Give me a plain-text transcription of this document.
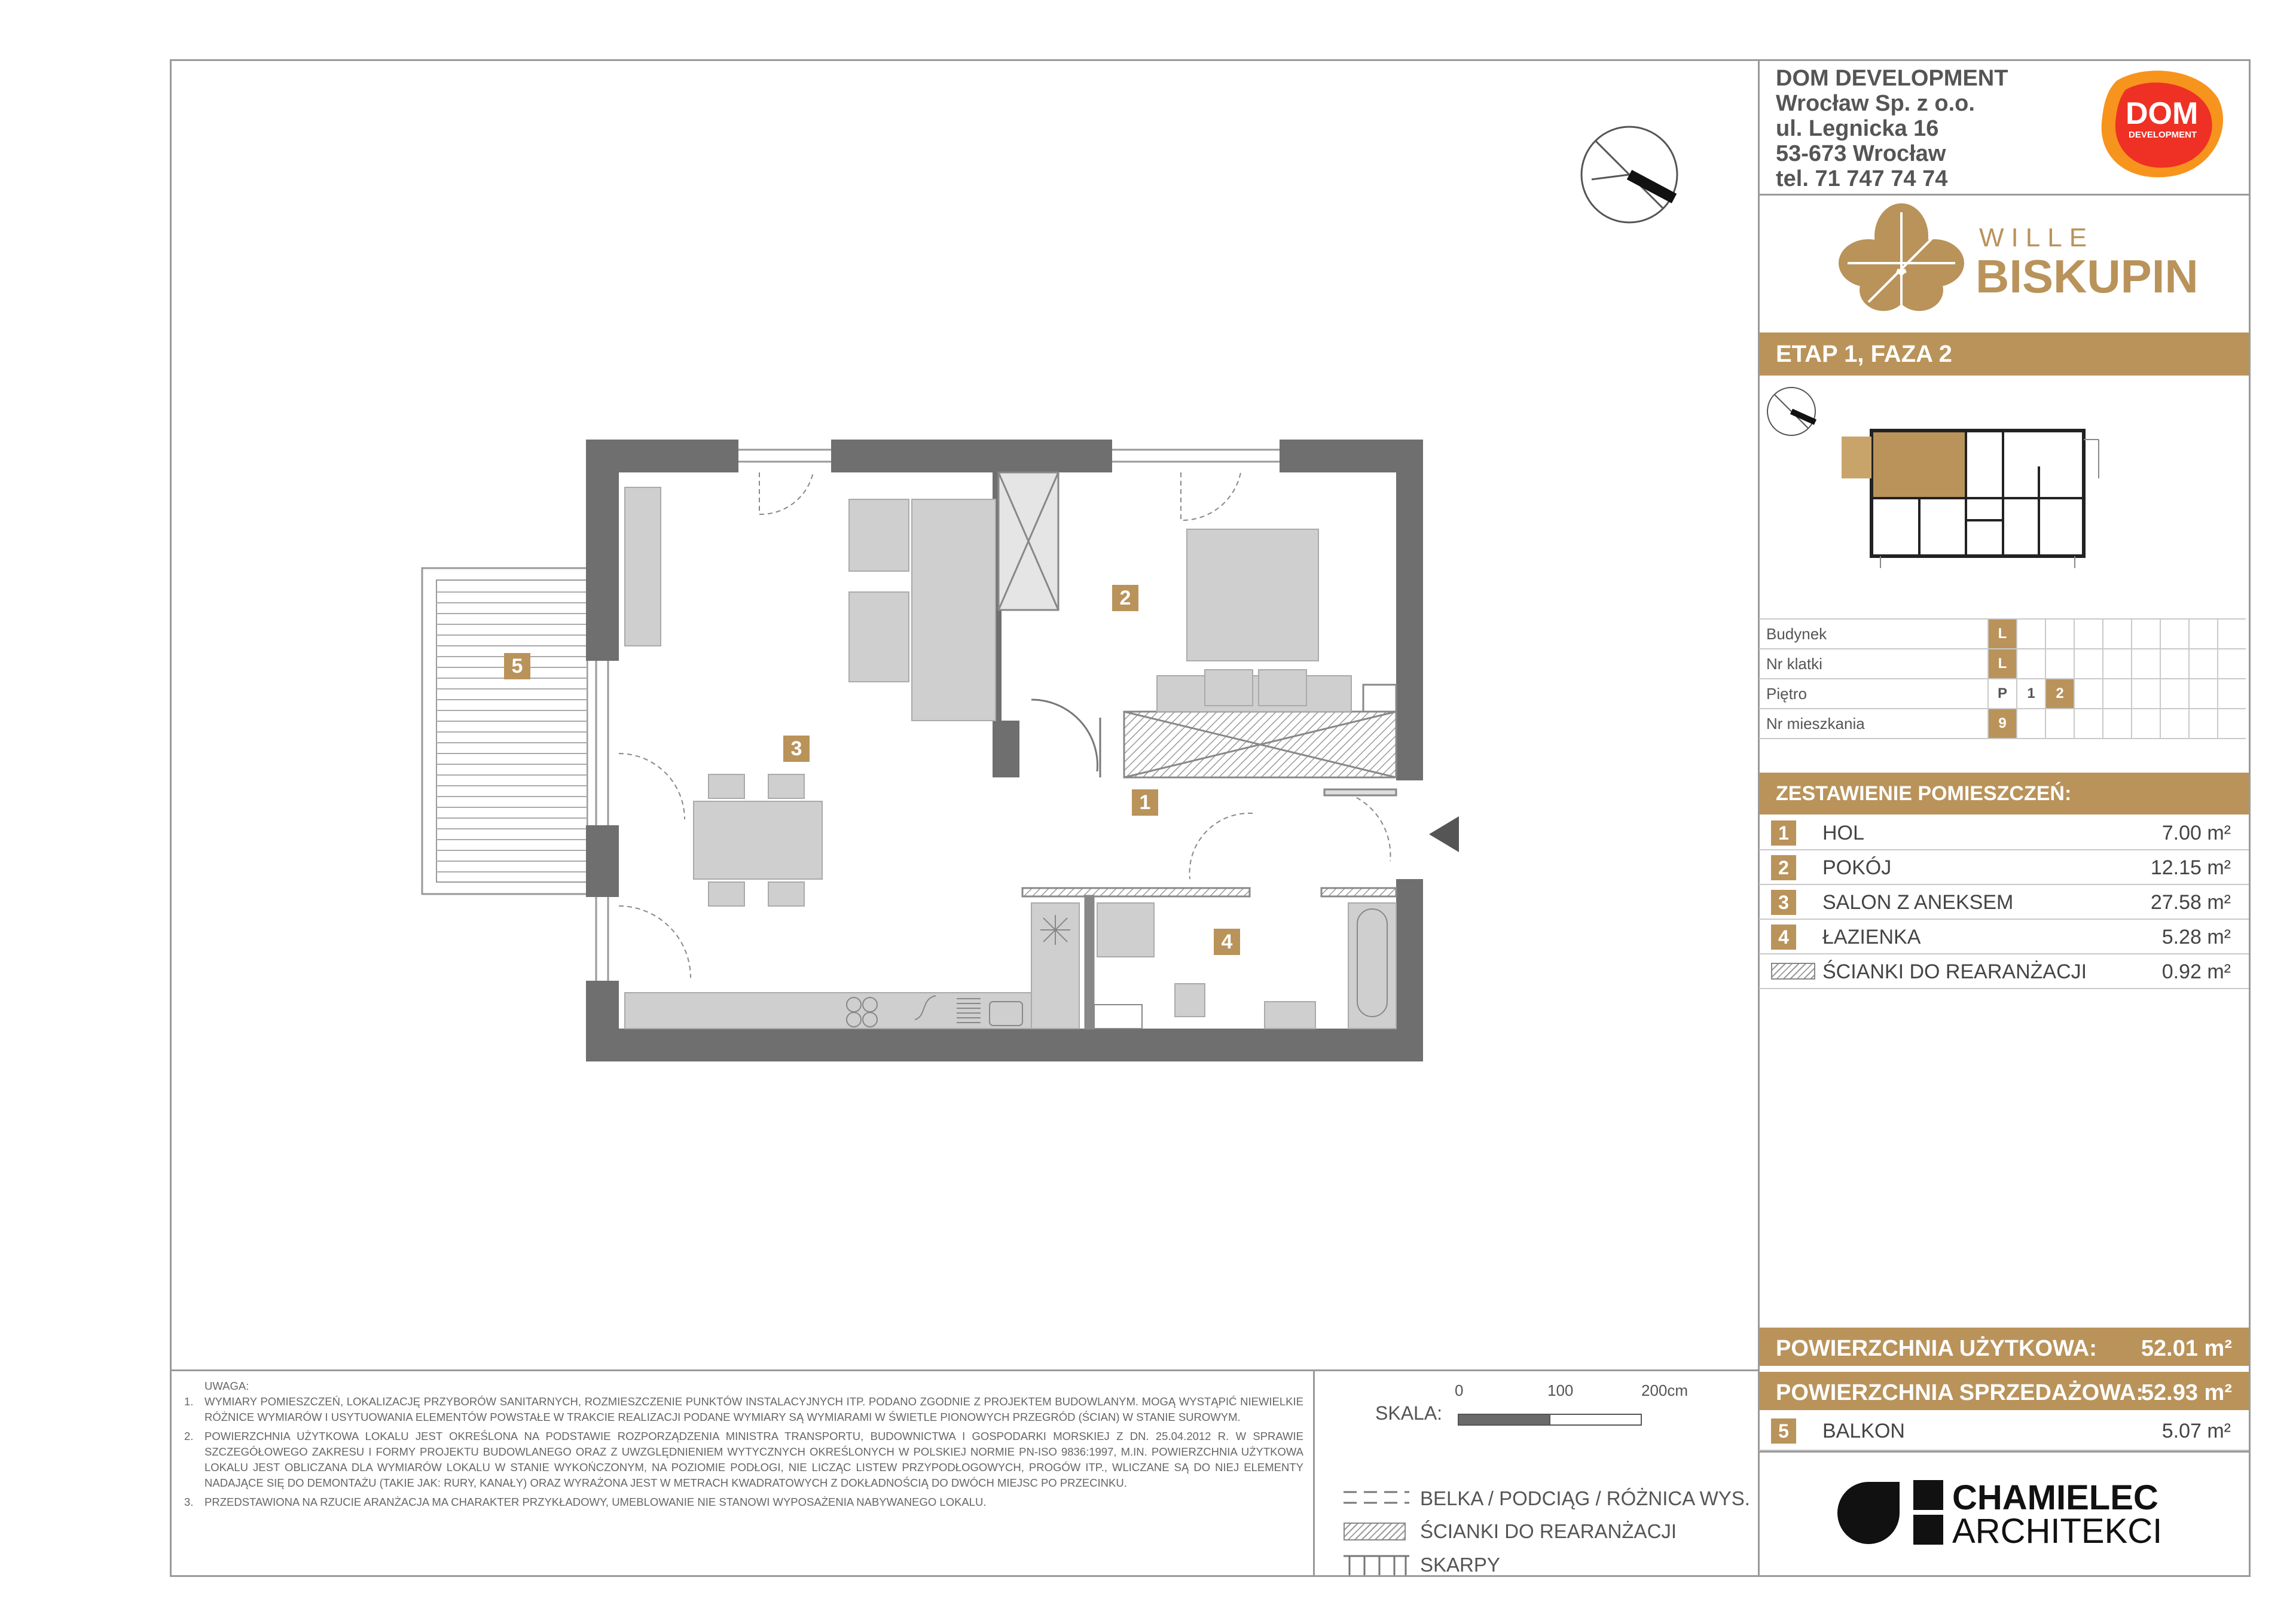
2
5
3
1
4
DOM DEVELOPMENT
Wrocław Sp. z o.o.
ul. Legnicka 16
53-673 Wrocław
tel. 71 747 74 74
DOM
DEVELOPMENT
WILLE
BISKUPIN
ETAP 1, FAZA 2
Budynek	L								
Nr klatki	L								
Piętro	P	1	2						
Nr mieszkania	9								
ZESTAWIENIE POMIESZCZEŃ:
1	HOL	7.00 m²
2	POKÓJ	12.15 m²
3	SALON Z ANEKSEM	27.58 m²
4	ŁAZIENKA	5.28 m²
ŚCIANKI DO REARANŻACJI	0.92 m²
POWIERZCHNIA UŻYTKOWA: 52.01 m²
POWIERZCHNIA SPRZEDAŻOWA:
52.93 m²
5	BALKON	5.07 m²
UWAGA:
1. WYMIARY POMIESZCZEŃ, LOKALIZACJĘ PRZYBORÓW SANITARNYCH, ROZMIESZCZENIE PUNKTÓW INSTALACYJNYCH ITP. PODANO ZGODNIE Z PROJEKTEM BUDOWLANYM. MOGĄ WYSTĄPIĆ NIEWIELKIE RÓŻNICE WYMIARÓW I USYTUOWANIA ELEMENTÓW POWSTAŁE W TRAKCIE REALIZACJI PODANE WYMIARY SĄ WYMIARAMI W ŚWIETLE PIONOWYCH PRZEGRÓD (ŚCIAN) W STANIE SUROWYM.
2. POWIERZCHNIA UŻYTKOWA LOKALU JEST OKREŚLONA NA PODSTAWIE ROZPORZĄDZENIA MINISTRA TRANSPORTU, BUDOWNICTWA I GOSPODARKI MORSKIEJ Z DN. 25.04.2012 R. W SPRAWIE SZCZEGÓŁOWEGO ZAKRESU I FORMY PROJEKTU BUDOWLANEGO ORAZ Z UWZGLĘDNIENIEM WYTYCZNYCH OKREŚLONYCH W POLSKIEJ NORMIE PN-ISO 9836:1997, M.IN. POWIERZCHNIA UŻYTKOWA LOKALU JEST OBLICZANA DLA WYMIARÓW LOKALU W STANIE WYKOŃCZONYM, NA POZIOMIE PODŁOGI, NIE LICZĄC LISTEW PRZYPODŁOGOWYCH, PROGÓW ITP., WLICZANE SĄ DO NIEJ ELEMENTY NADAJĄCE SIĘ DO DEMONTAŻU (TAKIE JAK: RURY, KANAŁY) ORAZ WYRAŻONA JEST W METRACH KWADRATOWYCH Z DOKŁADNOŚCIĄ DO DWÓCH MIEJSC PO PRZECINKU.
3. PRZEDSTAWIONA NA RZUCIE ARANŻACJA MA CHARAKTER PRZYKŁADOWY, UMEBLOWANIE NIE STANOWI WYPOSAŻENIA NABYWANEGO LOKALU.
SKALA:
0	100	200cm
BELKA / PODCIĄG / RÓŻNICA WYS.
ŚCIANKI DO REARANŻACJI
SKARPY
CHAMIELEC
ARCHITEKCI
